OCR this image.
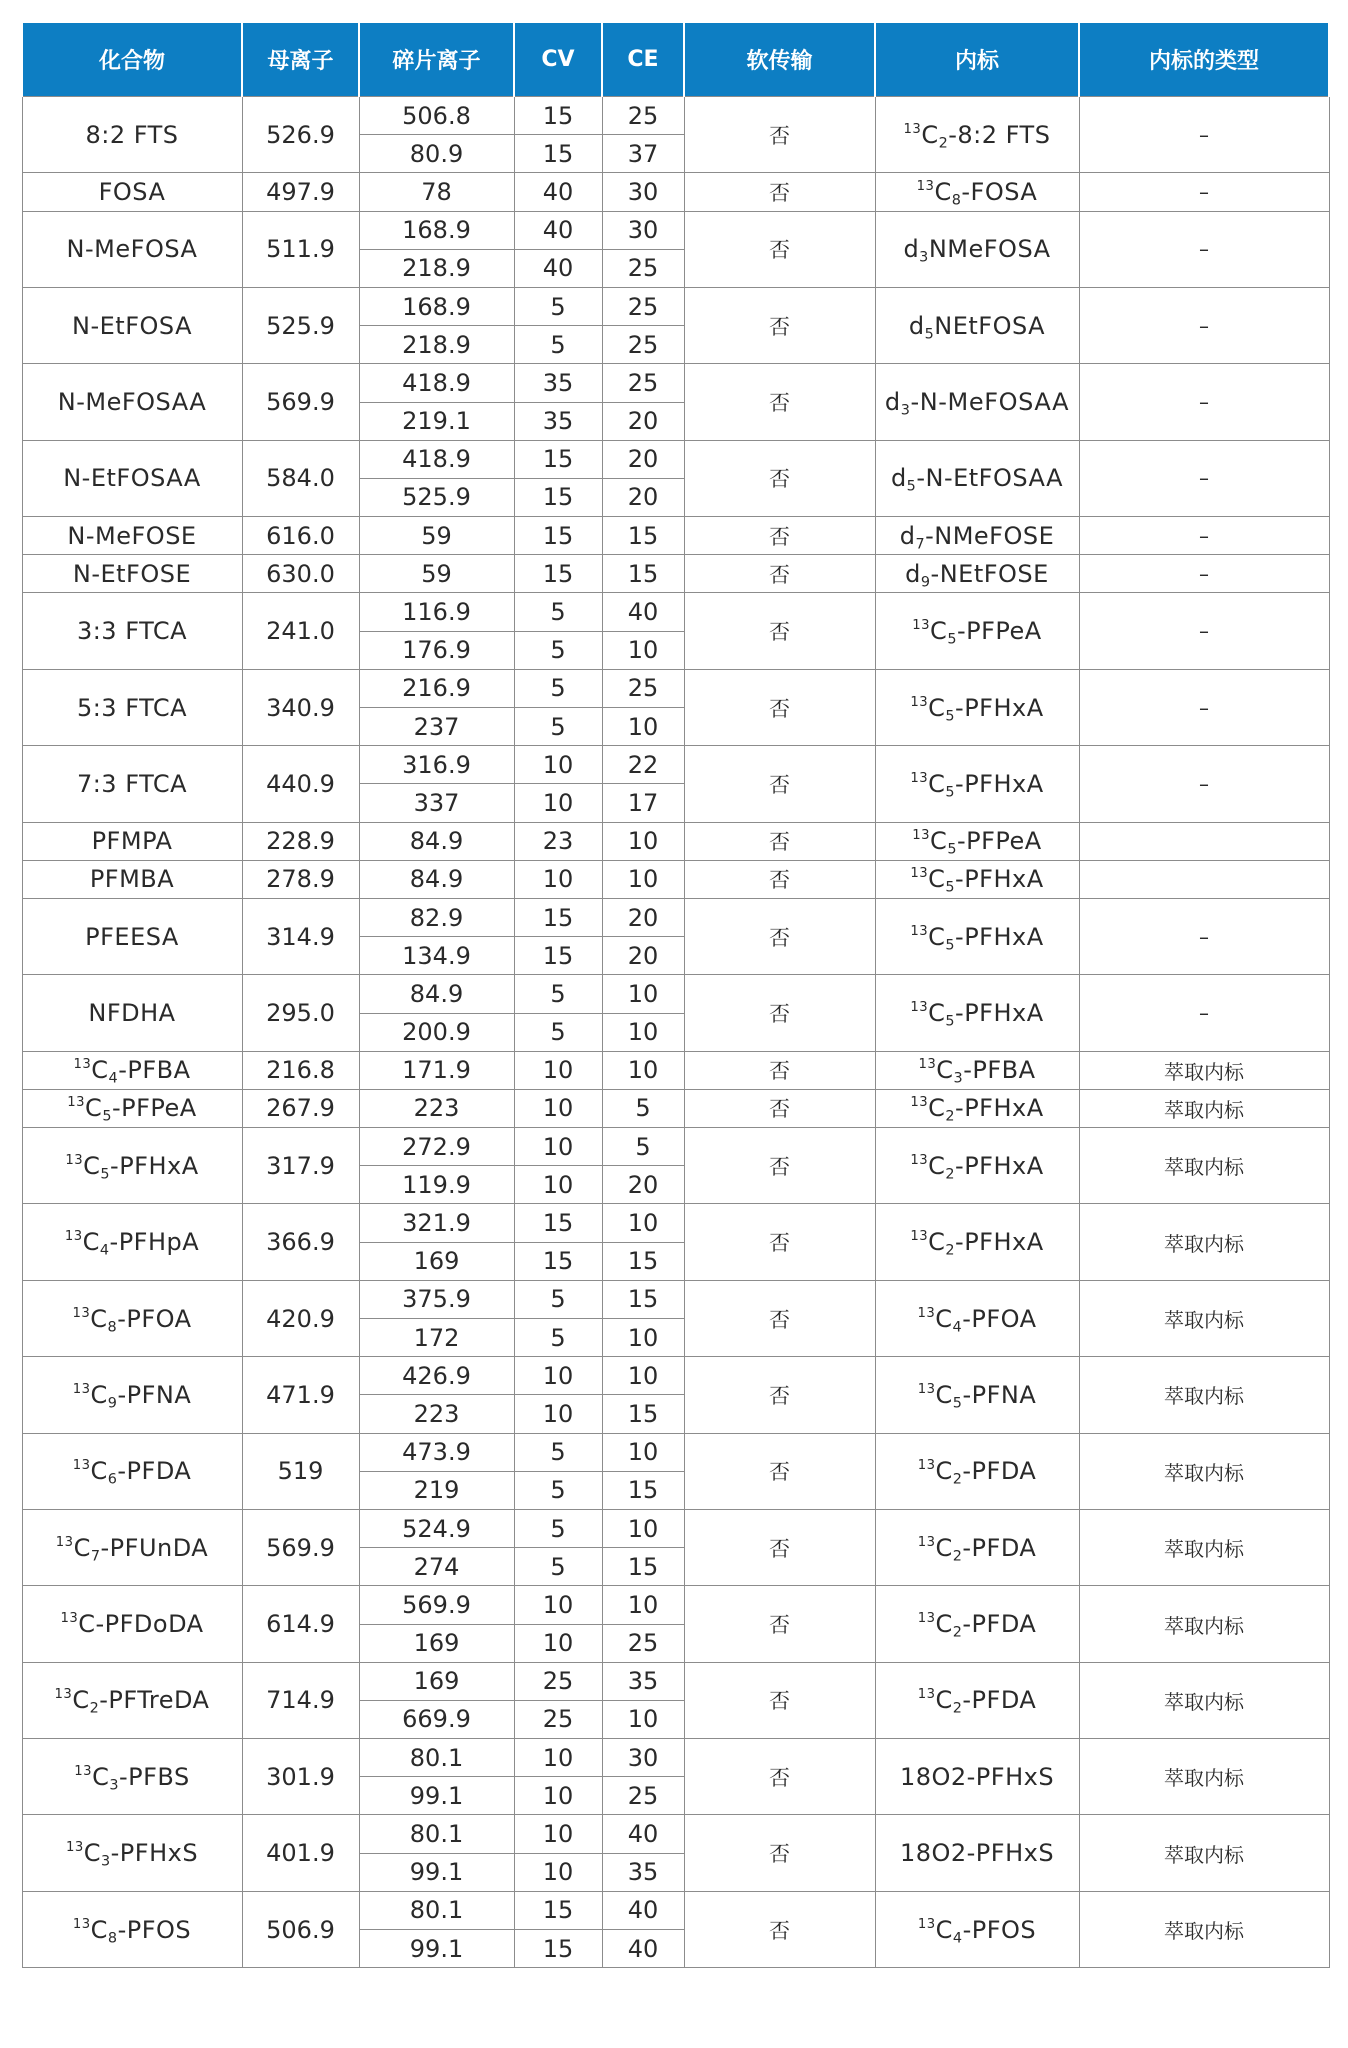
化合物	母离子	碎片离子	CV	CE	软传输	内标	内标的类型
8:2 FTS	526.9	506.8	15	25	否	$^{13}C_2-8:2$ FTS	–
		80.9	15	37			
FOSA	497.9	78	40	30	否	$^{13}C_8$-FOSA	–
N-MeFOSA	511.9	168.9	40	30	否	$d_3NMeFOSA$	–
		218.9	40	25			
N-EtFOSA	525.9	168.9	5	25	否	$d_5NEtFOSA$	–
		218.9	5	25			
N-MeFOSAA	569.9	418.9	35	25	否	$d_3-N$-MeFOSAA	–
		219.1	35	20			
N-EtFOSAA	584.0	418.9	15	20	否	$d_5-N$-EtFOSAA	–
		525.9	15	20			
N-MeFOSE	616.0	59	15	15	否	$d_7$-NMeFOSE	–
N-EtFOSE	630.0	59	15	15	否	$d_9$-NEtFOSE	–
3:3 FTCA	241.0	116.9	5	40	否	$^{13}C_5$-PFPeA	–
		176.9	5	10			
5:3 FTCA	340.9	216.9	5	25	否	$^{13}C_5$-PFHxA	–
		237	5	10			
7:3 FTCA	440.9	316.9	10	22	否	$^{13}C_5$-PFHxA	–
		337	10	17			
PFMPA	228.9	84.9	23	10	否	$^{13}C_5$-PFPeA	
PFMBA	278.9	84.9	10	10	否	$^{13}C_5$-PFHxA	
PFEESA	314.9	82.9	15	20	否	$^{13}C_5$-PFHxA	–
		134.9	15	20			
NFDHA	295.0	84.9	5	10	否	$^{13}C_5$-PFHxA	–
		200.9	5	10			
$^{13}C_4$-PFBA	216.8	171.9	10	10	否	$^{13}C_3$-PFBA	萃取内标
$^{13}C_5$-PFPeA	267.9	223	10	5	否	$^{13}C_2$-PFHxA	萃取内标
$^{13}C_5$-PFHxA	317.9	272.9	10	5	否	$^{13}C_2$-PFHxA	萃取内标
		119.9	10	20			
$^{13}C_4$-PFHpA	366.9	321.9	15	10	否	$^{13}C_2$-PFHxA	萃取内标
		169	15	15			
$^{13}C_8$-PFOA	420.9	375.9	5	15	否	$^{13}C_4$-PFOA	萃取内标
		172	5	10			
$^{13}C_9$-PFNA	471.9	426.9	10	10	否	$^{13}C_5$-PFNA	萃取内标
		223	10	15			
$^{13}C_6$-PFDA	519	473.9	5	10	否	$^{13}C_2$-PFDA	萃取内标
		219	5	15			
$^{13}C_7$-PFUnDA	569.9	524.9	5	10	否	$^{13}C_2$-PFDA	萃取内标
		274	5	15			
$^{13}$C-PFDoDA	614.9	569.9	10	10	否	$^{13}C_2$-PFDA	萃取内标
		169	10	25			
$^{13}C_2$-PFTreDA	714.9	169	25	35	否	$^{13}C_2$-PFDA	萃取内标
		669.9	25	10			
$^{13}C_3$-PFBS	301.9	80.1	10	30	否	18O2-PFHxS	萃取内标
		99.1	10	25			
$^{13}C_3$-PFHxS	401.9	80.1	10	40	否	18O2-PFHxS	萃取内标
		99.1	10	35			
$^{13}C_8$-PFOS	506.9	80.1	15	40	否	$^{13}C_4$-PFOS	萃取内标
		99.1	15	40			
